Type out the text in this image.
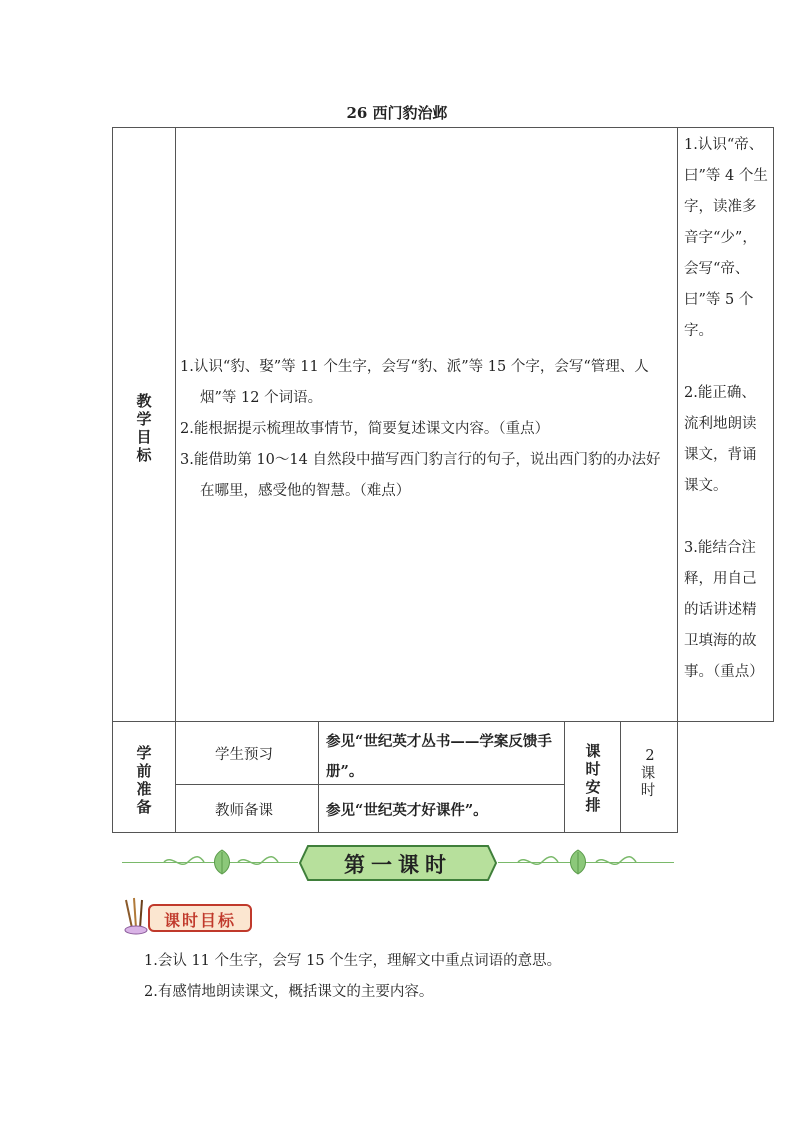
26 西门豹治邺
教学目标
1.认识“豹、娶”等 11 个生字，会写“豹、派”等 15 个字，会写“管理、人烟”等 12 个词语。
2.能根据提示梳理故事情节，简要复述课文内容。（重点）
3.能借助第 10～14 自然段中描写西门豹言行的句子，说出西门豹的办法好在哪里，感受他的智慧。（难点）

1.认识“帝、曰”等 4 个生字，读准多音字“少”，会写“帝、曰”等 5 个字。

2.能正确、流利地朗读课文，背诵课文。

3.能结合注释，用自己的话讲述精卫填海的故事。（重点）

学前准备
学生预习
参见“世纪英才丛书——学案反馈手册”。
教师备课	参见“世纪英才好课件”。
课时安排
2
课时
第一课时
课时目标
1.会认 11 个生字，会写 15 个生字，理解文中重点词语的意思。
2.有感情地朗读课文，概括课文的主要内容。
